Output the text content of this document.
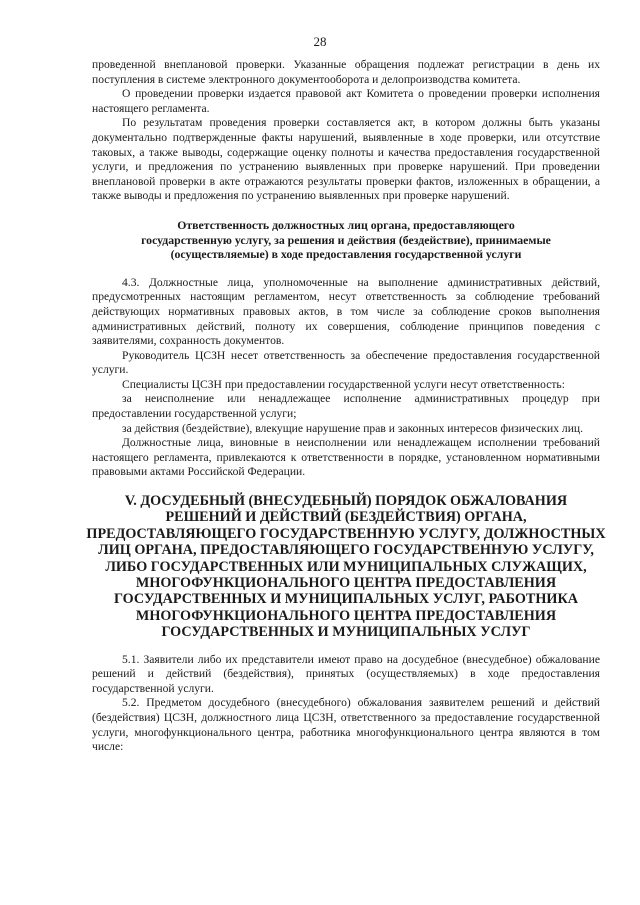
28

проведенной внеплановой проверки. Указанные обращения подлежат регистрации в день их поступления в системе электронного документооборота и делопроизводства комитета.

О проведении проверки издается правовой акт Комитета о проведении проверки исполнения настоящего регламента.

По результатам проведения проверки составляется акт, в котором должны быть указаны документально подтвержденные факты нарушений, выявленные в ходе проверки, или отсутствие таковых, а также выводы, содержащие оценку полноты и качества предоставления государственной услуги, и предложения по устранению выявленных при проверке нарушений. При проведении внеплановой проверки в акте отражаются результаты проверки фактов, изложенных в обращении, а также выводы и предложения по устранению выявленных при проверке нарушений.

Ответственность должностных лиц органа, предоставляющего государственную услугу, за решения и действия (бездействие), принимаемые (осуществляемые) в ходе предоставления государственной услуги

4.3. Должностные лица, уполномоченные на выполнение административных действий, предусмотренных настоящим регламентом, несут ответственность за соблюдение требований действующих нормативных правовых актов, в том числе за соблюдение сроков выполнения административных действий, полноту их совершения, соблюдение принципов поведения с заявителями, сохранность документов.

Руководитель ЦСЗН несет ответственность за обеспечение предоставления государственной услуги.

Специалисты ЦСЗН при предоставлении государственной услуги несут ответственность:

за неисполнение или ненадлежащее исполнение административных процедур при предоставлении государственной услуги;

за действия (бездействие), влекущие нарушение прав и законных интересов физических лиц.

Должностные лица, виновные в неисполнении или ненадлежащем исполнении требований настоящего регламента, привлекаются к ответственности в порядке, установленном нормативными правовыми актами Российской Федерации.

V. ДОСУДЕБНЫЙ (ВНЕСУДЕБНЫЙ) ПОРЯДОК ОБЖАЛОВАНИЯ РЕШЕНИЙ И ДЕЙСТВИЙ (БЕЗДЕЙСТВИЯ) ОРГАНА, ПРЕДОСТАВЛЯЮЩЕГО ГОСУДАРСТВЕННУЮ УСЛУГУ, ДОЛЖНОСТНЫХ ЛИЦ ОРГАНА, ПРЕДОСТАВЛЯЮЩЕГО ГОСУДАРСТВЕННУЮ УСЛУГУ, ЛИБО ГОСУДАРСТВЕННЫХ ИЛИ МУНИЦИПАЛЬНЫХ СЛУЖАЩИХ, МНОГОФУНКЦИОНАЛЬНОГО ЦЕНТРА ПРЕДОСТАВЛЕНИЯ ГОСУДАРСТВЕННЫХ И МУНИЦИПАЛЬНЫХ УСЛУГ, РАБОТНИКА МНОГОФУНКЦИОНАЛЬНОГО ЦЕНТРА ПРЕДОСТАВЛЕНИЯ ГОСУДАРСТВЕННЫХ И МУНИЦИПАЛЬНЫХ УСЛУГ

5.1. Заявители либо их представители имеют право на досудебное (внесудебное) обжалование решений и действий (бездействия), принятых (осуществляемых) в ходе предоставления государственной услуги.

5.2. Предметом досудебного (внесудебного) обжалования заявителем решений и действий (бездействия) ЦСЗН, должностного лица ЦСЗН, ответственного за предоставление государственной услуги, многофункционального центра, работника многофункционального центра являются в том числе:
